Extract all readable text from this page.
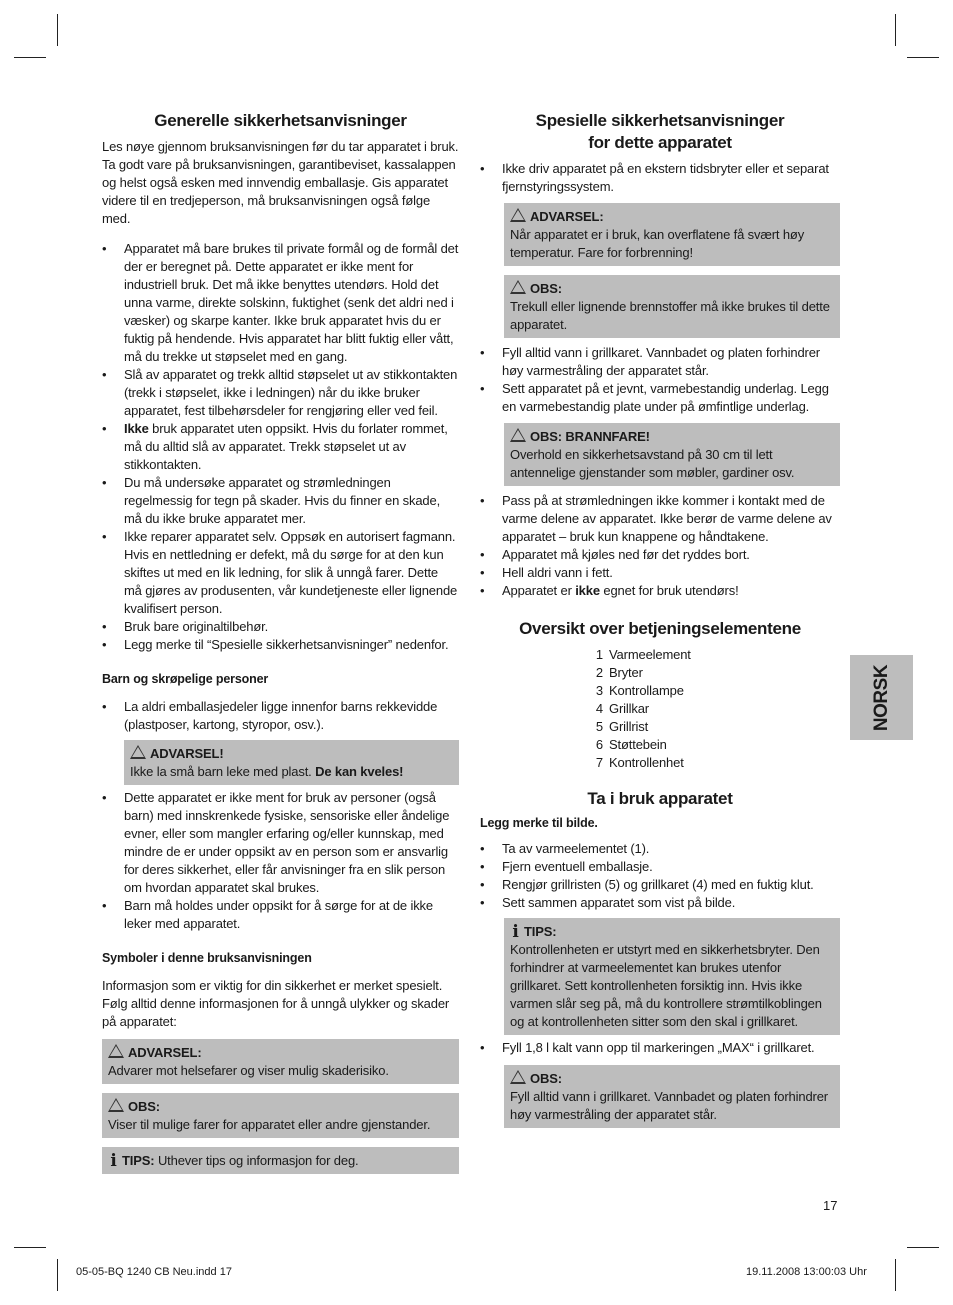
Generelle sikkerhetsanvisninger

Les nøye gjennom bruksanvisningen før du tar apparatet i bruk. Ta godt vare på bruksanvisningen, garantibeviset, kassalappen og helst også esken med innvendig emballasje. Gis apparatet videre til en tredjeperson, må bruksanvisningen også følge med.

• Apparatet må bare brukes til private formål og de formål det der er beregnet på. Dette apparatet er ikke ment for industriell bruk. Det må ikke benyttes utendørs. Hold det unna varme, direkte solskinn, fuktighet (senk det aldri ned i væsker) og skarpe kanter. Ikke bruk apparatet hvis du er fuktig på hendende. Hvis apparatet har blitt fuktig eller vått, må du trekke ut støpselet med en gang.
• Slå av apparatet og trekk alltid støpselet ut av stikkontakten (trekk i støpselet, ikke i ledningen) når du ikke bruker apparatet, fest tilbehørsdeler for rengjøring eller ved feil.
• Ikke bruk apparatet uten oppsikt. Hvis du forlater rommet, må du alltid slå av apparatet. Trekk støpselet ut av stikkontakten.
• Du må undersøke apparatet og strømledningen regelmessig for tegn på skader. Hvis du finner en skade, må du ikke bruke apparatet mer.
• Ikke reparer apparatet selv. Oppsøk en autorisert fagmann. Hvis en nettledning er defekt, må du sørge for at den kun skiftes ut med en lik ledning, for slik å unngå farer. Dette må gjøres av produsenten, vår kundetjeneste eller lignende kvalifisert person.
• Bruk bare originaltilbehør.
• Legg merke til “Spesielle sikkerhetsanvisninger” nedenfor.
Barn og skrøpelige personer
• La aldri emballasjedeler ligge innenfor barns rekkevidde (plastposer, kartong, styropor, osv.).
ADVARSEL!
Ikke la små barn leke med plast. De kan kveles!
• Dette apparatet er ikke ment for bruk av personer (også barn) med innskrenkede fysiske, sensoriske eller åndelige evner, eller som mangler erfaring og/eller kunnskap, med mindre de er under oppsikt av en person som er ansvarlig for deres sikkerhet, eller får anvisninger fra en slik person om hvordan apparatet skal brukes.
• Barn må holdes under oppsikt for å sørge for at de ikke leker med apparatet.
Symboler i denne bruksanvisningen

Informasjon som er viktig for din sikkerhet er merket spesielt. Følg alltid denne informasjonen for å unngå ulykker og skader på apparatet:

ADVARSEL:
Advarer mot helsefarer og viser mulig skaderisiko.
OBS:
Viser til mulige farer for apparatet eller andre gjenstander.
i TIPS: Uthever tips og informasjon for deg.
Spesielle sikkerhetsanvisninger
for dette apparatet
• Ikke driv apparatet på en ekstern tidsbryter eller et separat fjernstyringssystem.
ADVARSEL:
Når apparatet er i bruk, kan overflatene få svært høy temperatur. Fare for forbrenning!
OBS:
Trekull eller lignende brennstoffer må ikke brukes til dette apparatet.
• Fyll alltid vann i grillkaret. Vannbadet og platen forhindrer høy varmestråling der apparatet står.
• Sett apparatet på et jevnt, varmebestandig underlag. Legg en varmebestandig plate under på ømfintlige underlag.
OBS: BRANNFARE!
Overhold en sikkerhetsavstand på 30 cm til lett antennelige gjenstander som møbler, gardiner osv.
• Pass på at strømledningen ikke kommer i kontakt med de varme delene av apparatet. Ikke berør de varme delene av apparatet – bruk kun knappene og håndtakene.
• Apparatet må kjøles ned før det ryddes bort.
• Hell aldri vann i fett.
• Apparatet er ikke egnet for bruk utendørs!
Oversikt over betjeningselementene
1 Varmeelement
2 Bryter
3 Kontrollampe
4 Grillkar
5 Grillrist
6 Støttebein
7 Kontrollenhet
Ta i bruk apparatet
Legg merke til bilde.
• Ta av varmeelementet (1).
• Fjern eventuell emballasje.
• Rengjør grillristen (5) og grillkaret (4) med en fuktig klut.
• Sett sammen apparatet som vist på bilde.
i TIPS:
Kontrollenheten er utstyrt med en sikkerhetsbryter. Den forhindrer at varmeelementet kan brukes utenfor grillkaret. Sett kontrollenheten forsiktig inn. Hvis ikke varmen slår seg på, må du kontrollere strømtilkoblingen og at kontrollenheten sitter som den skal i grillkaret.
• Fyll 1,8 l kalt vann opp til markeringen „MAX“ i grillkaret.
OBS:
Fyll alltid vann i grillkaret. Vannbadet og platen forhindrer høy varmestråling der apparatet står.
NORSK
17
05-05-BQ 1240 CB Neu.indd 17	19.11.2008 13:00:03 Uhr
